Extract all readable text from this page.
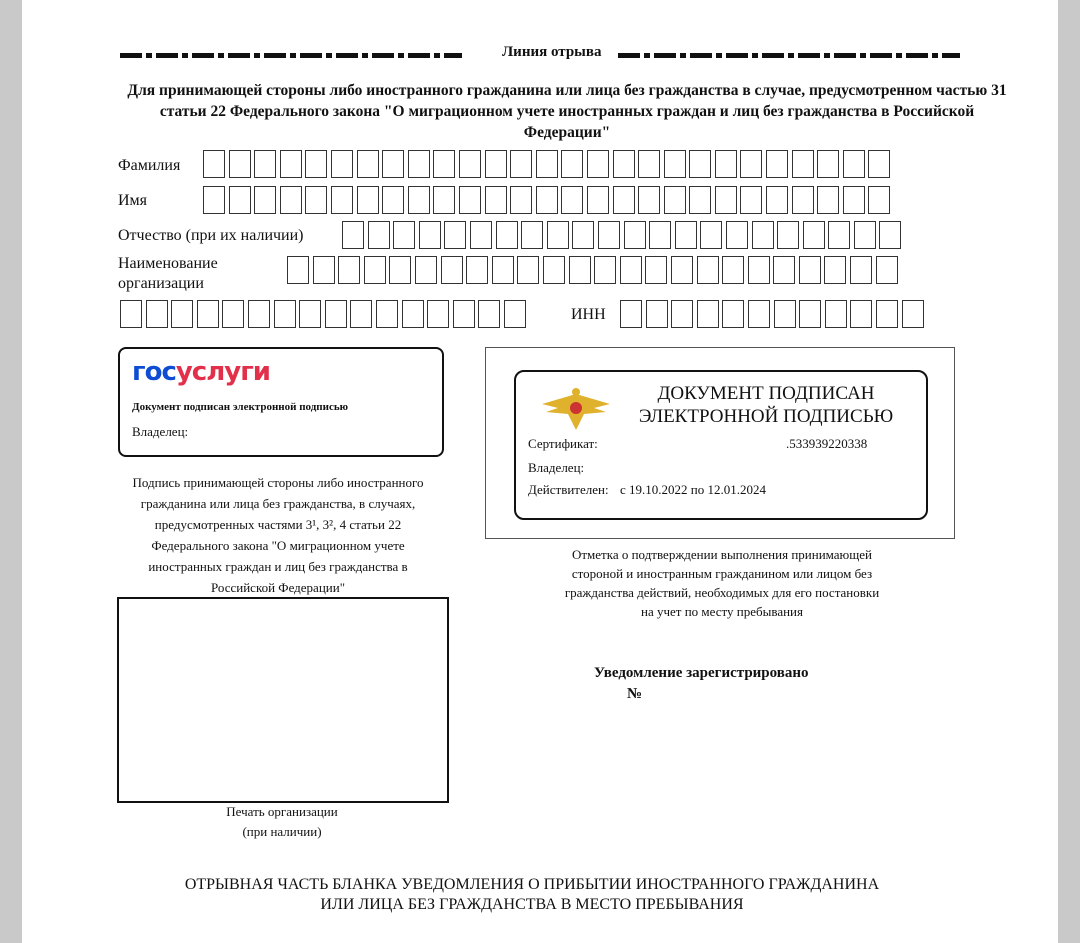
Линия отрыва
Для принимающей стороны либо иностранного гражданина или лица без гражданства в случае, предусмотренном частью 31 статьи 22 Федерального закона "О миграционном учете иностранных граждан и лиц без гражданства в Российской Федерации"
Фамилия
Имя
Отчество (при их наличии)
Наименование
организации
ИНН
госуслуги
Документ подписан электронной подписью
Владелец:
Подпись принимающей стороны либо иностранного
гражданина или лица без гражданства, в случаях,
предусмотренных частями 3¹, 3², 4 статьи 22
Федерального закона "О миграционном учете
иностранных граждан и лиц без гражданства в
Российской Федерации"
Печать организации
(при наличии)
ДОКУМЕНТ ПОДПИСАН
ЭЛЕКТРОННОЙ ПОДПИСЬЮ
Сертификат:	.533939220338
Владелец:
Действителен: с 19.10.2022 по 12.01.2024
Отметка о подтверждении выполнения принимающей
стороной и иностранным гражданином или лицом без
гражданства действий, необходимых для его постановки
на учет по месту пребывания
Уведомление зарегистрировано
№
ОТРЫВНАЯ ЧАСТЬ БЛАНКА УВЕДОМЛЕНИЯ О ПРИБЫТИИ ИНОСТРАННОГО ГРАЖДАНИНА
ИЛИ ЛИЦА БЕЗ ГРАЖДАНСТВА В МЕСТО ПРЕБЫВАНИЯ
